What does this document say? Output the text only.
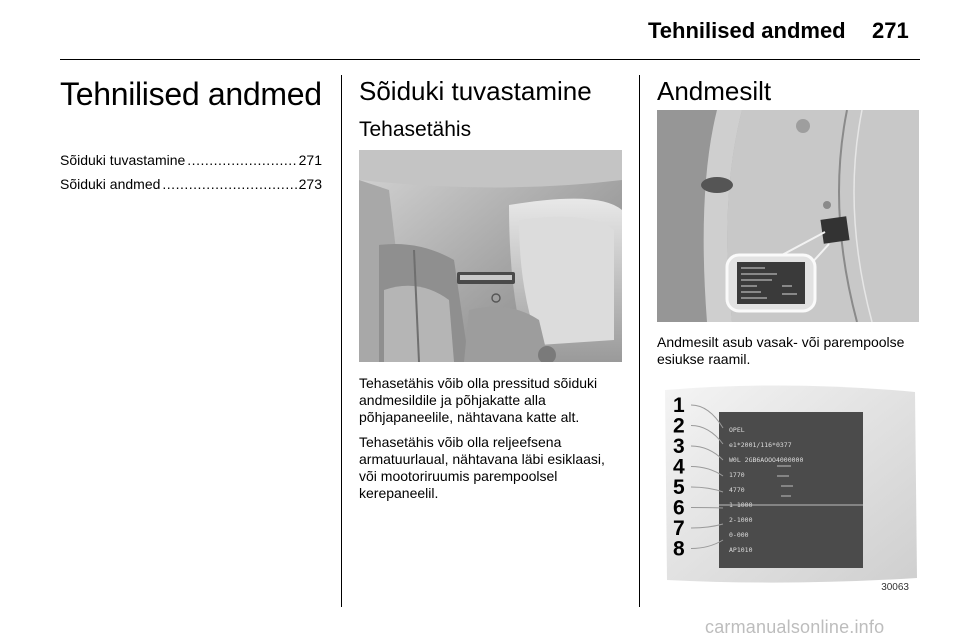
Tehnilised andmed 271
Tehnilised andmed
Sõiduki tuvastamine .....	271
Sõiduki andmed .....	273
Sõiduki tuvastamine
Tehasetähis
Tehasetähis võib olla pressitud sõiduki andmesildile ja põhjakatte alla põhjapaneelile, nähtavana katte alt.
Tehasetähis võib olla reljeefsena armatuurlaual, nähtavana läbi esiklaasi, või mootoriruumis parempoolsel kerepaneelil.
Andmesilt
Andmesilt asub vasak- või parempoolse esiukse raamil.
OPEL
e1*2001/116*0377
W0L 2GB6AOOO4000000
1770
4770
1-1000
2-1000
0-000
AP1010
1
2
3
4
5
6
7
8
30063
carmanualsonline.info
